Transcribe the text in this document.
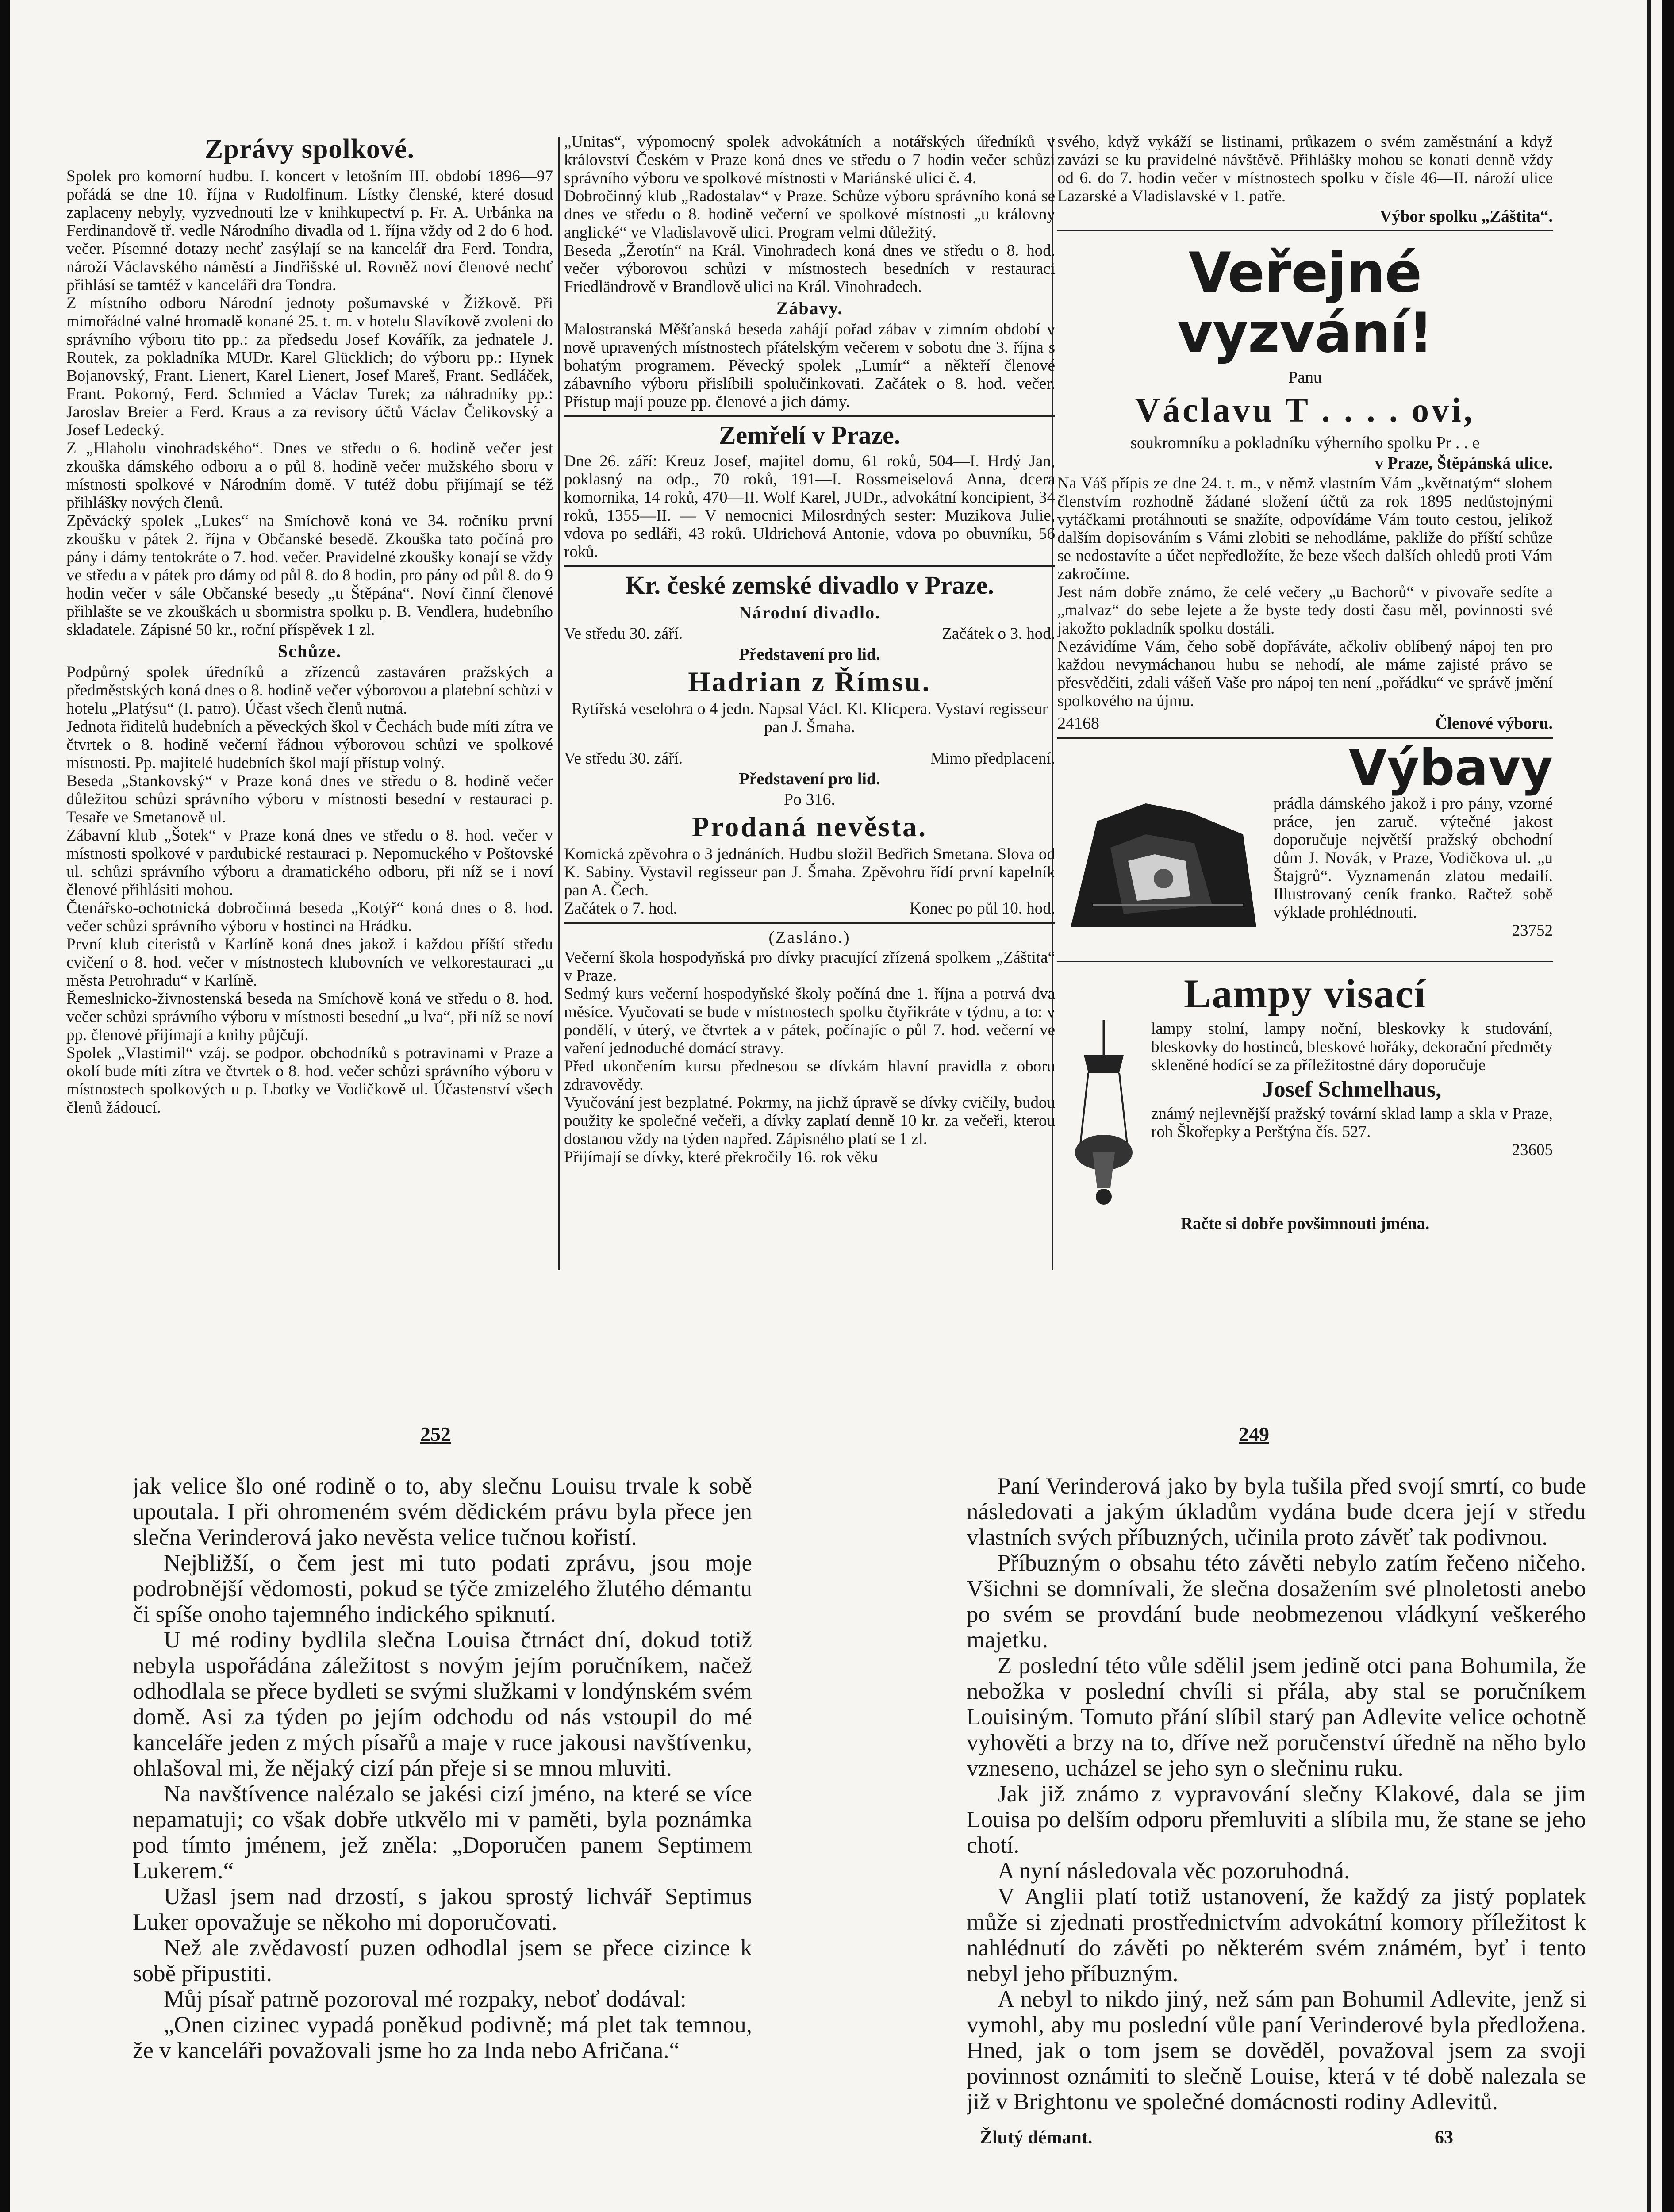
Zprávy spolkové.

Spolek pro komorní hudbu. I. koncert v letošním III. období 1896—97 pořádá se dne 10. října v Rudolfinum. Lístky členské, které dosud zaplaceny nebyly, vyzvednouti lze v knihkupectví p. Fr. A. Urbánka na Ferdinandově tř. vedle Národního divadla od 1. října vždy od 2 do 6 hod. večer. Písemné dotazy nechť zasýlají se na kancelář dra Ferd. Tondra, nároží Václavského náměstí a Jindřišské ul. Rovněž noví členové nechť přihlásí se tamtéž v kanceláři dra Tondra.

Z místního odboru Národní jednoty pošumavské v Žižkově. Při mimořádné valné hromadě konané 25. t. m. v hotelu Slavíkově zvoleni do správního výboru tito pp.: za předsedu Josef Kovářík, za jednatele J. Routek, za pokladníka MUDr. Karel Glücklich; do výboru pp.: Hynek Bojanovský, Frant. Lienert, Karel Lienert, Josef Mareš, Frant. Sedláček, Frant. Pokorný, Ferd. Schmied a Václav Turek; za náhradníky pp.: Jaroslav Breier a Ferd. Kraus a za revisory účtů Václav Čelikovský a Josef Ledecký.

Z „Hlaholu vinohradského“. Dnes ve středu o 6. hodině večer jest zkouška dámského odboru a o půl 8. hodině večer mužského sboru v místnosti spolkové v Národním domě. V tutéž dobu přijímají se též přihlášky nových členů.

Zpěvácký spolek „Lukes“ na Smíchově koná ve 34. ročníku první zkoušku v pátek 2. října v Občanské besedě. Zkouška tato počíná pro pány i dámy tentokráte o 7. hod. večer. Pravidelné zkoušky konají se vždy ve středu a v pátek pro dámy od půl 8. do 8 hodin, pro pány od půl 8. do 9 hodin večer v sále Občanské besedy „u Štěpána“. Noví činní členové přihlašte se ve zkouškách u sbormistra spolku p. B. Vendlera, hudebního skladatele. Zápisné 50 kr., roční příspěvek 1 zl.

Schůze.

Podpůrný spolek úředníků a zřízenců zastaváren pražských a předměstských koná dnes o 8. hodině večer výborovou a platební schůzi v hotelu „Platýsu“ (I. patro). Účast všech členů nutná.

Jednota řiditelů hudebních a pěveckých škol v Čechách bude míti zítra ve čtvrtek o 8. hodině večerní řádnou výborovou schůzi ve spolkové místnosti. Pp. majitelé hudebních škol mají přístup volný.

Beseda „Stankovský“ v Praze koná dnes ve středu o 8. hodině večer důležitou schůzi správního výboru v místnosti besední v restauraci p. Tesaře ve Smetanově ul.

Zábavní klub „Šotek“ v Praze koná dnes ve středu o 8. hod. večer v místnosti spolkové v pardubické restauraci p. Nepomuckého v Poštovské ul. schůzi správního výboru a dramatického odboru, při níž se i noví členové přihlásiti mohou.

Čtenářsko-ochotnická dobročinná beseda „Kotýř“ koná dnes o 8. hod. večer schůzi správního výboru v hostinci na Hrádku.

První klub citeristů v Karlíně koná dnes jakož i každou příští středu cvičení o 8. hod. večer v místnostech klubovních ve velkorestauraci „u města Petrohradu“ v Karlíně.

Řemeslnicko-živnostenská beseda na Smíchově koná ve středu o 8. hod. večer schůzi správního výboru v místnosti besední „u lva“, při níž se noví pp. členové přijímají a knihy půjčují.

Spolek „Vlastimil“ vzáj. se podpor. obchodníků s potravinami v Praze a okolí bude míti zítra ve čtvrtek o 8. hod. večer schůzi správního výboru v místnostech spolkových u p. Lbotky ve Vodičkově ul. Účastenství všech členů žádoucí.

„Unitas“, výpomocný spolek advokátních a notářských úředníků v království Českém v Praze koná dnes ve středu o 7 hodin večer schůzi správního výboru ve spolkové místnosti v Mariánské ulici č. 4.

Dobročinný klub „Radostalav“ v Praze. Schůze výboru správního koná se dnes ve středu o 8. hodině večerní ve spolkové místnosti „u královny anglické“ ve Vladislavově ulici. Program velmi důležitý.

Beseda „Žerotín“ na Král. Vinohradech koná dnes ve středu o 8. hod. večer výborovou schůzi v místnostech besedních v restauraci Friedländrově v Brandlově ulici na Král. Vinohradech.

Zábavy.

Malostranská Měšťanská beseda zahájí pořad zábav v zimním období v nově upravených místnostech přátelským večerem v sobotu dne 3. října s bohatým programem. Pěvecký spolek „Lumír“ a někteří členové zábavního výboru přislíbili spolučinkovati. Začátek o 8. hod. večer. Přístup mají pouze pp. členové a jich dámy.

Zemřelí v Praze.

Dne 26. září: Kreuz Josef, majitel domu, 61 roků, 504—I. Hrdý Jan, poklasný na odp., 70 roků, 191—I. Rossmeiselová Anna, dcera komornika, 14 roků, 470—II. Wolf Karel, JUDr., advokátní koncipient, 34 roků, 1355—II. — V nemocnici Milosrdných sester: Muzikova Julie, vdova po sedláři, 43 roků. Uldrichová Antonie, vdova po obuvníku, 56 roků.

Kr. české zemské divadlo v Praze.
Národní divadlo.
Ve středu 30. září.	Začátek o 3. hod.
Představení pro lid.
Hadrian z Římsu.

Rytířská veselohra o 4 jedn. Napsal Václ. Kl. Klicpera. Vystaví regisseur pan J. Šmaha.

Ve středu 30. září.	Mimo předplacení.
Představení pro lid.
Po 316.
Prodaná nevěsta.

Komická zpěvohra o 3 jednáních. Hudbu složil Bedřich Smetana. Slova od K. Sabiny. Vystavil regisseur pan J. Šmaha. Zpěvohru řídí první kapelník pan A. Čech.

Začátek o 7. hod.	Konec po půl 10. hod.
(Zasláno.)

Večerní škola hospodyňská pro dívky pracující zřízená spolkem „Záštita“ v Praze.

Sedmý kurs večerní hospodyňské školy počíná dne 1. října a potrvá dva měsíce. Vyučovati se bude v místnostech spolku čtyřikráte v týdnu, a to: v pondělí, v úterý, ve čtvrtek a v pátek, počínajíc o půl 7. hod. večerní ve vaření jednoduché domácí stravy.

Před ukončením kursu přednesou se dívkám hlavní pravidla z oboru zdravovědy.

Vyučování jest bezplatné. Pokrmy, na jichž úpravě se dívky cvičily, budou použity ke společné večeři, a dívky zaplatí denně 10 kr. za večeři, kterou dostanou vždy na týden napřed. Zápisného platí se 1 zl.

Přijímají se dívky, které překročily 16. rok věku

svého, když vykáží se listinami, průkazem o svém zaměstnání a když zavázi se ku pravidelné návštěvě. Přihlášky mohou se konati denně vždy od 6. do 7. hodin večer v místnostech spolku v čísle 46—II. nároží ulice Lazarské a Vladislavské v 1. patře.

Výbor spolku „Záštita“.
Veřejné vyzvání!
Panu
Václavu T . . . . ovi,
soukromníku a pokladníku výherního spolku Pr . . e
v Praze, Štěpánská ulice.

Na Váš přípis ze dne 24. t. m., v němž vlastním Vám „květnatým“ slohem členstvím rozhodně žádané složení účtů za rok 1895 nedůstojnými vytáčkami protáhnouti se snažíte, odpovídáme Vám touto cestou, jelikož dalším dopisováním s Vámi zlobiti se nehodláme, pakliže do příští schůze se nedostavíte a účet nepředložíte, že beze všech dalších ohledů proti Vám zakročíme.

Jest nám dobře známo, že celé večery „u Bachorů“ v pivovaře sedíte a „malvaz“ do sebe lejete a že byste tedy dosti času měl, povinnosti své jakožto pokladník spolku dostáli.

Nezávidíme Vám, čeho sobě dopřáváte, ačkoliv oblíbený nápoj ten pro každou nevymáchanou hubu se nehodí, ale máme zajisté právo se přesvědčiti, zdali vášeň Vaše pro nápoj ten není „pořádku“ ve správě jmění spolkového na újmu.

24168	Členové výboru.
Výbavy

prádla dámského jakož i pro pány, vzorné práce, jen zaruč. výtečné jakost doporučuje největší pražský obchodní dům J. Novák, v Praze, Vodičkova ul. „u Štajgrů“. Vyznamenán zlatou medailí. Illustrovaný ceník franko. Račtež sobě výklade prohlédnouti.

23752
Lampy visací

lampy stolní, lampy noční, bleskovky k studování, bleskovky do hostinců, bleskové hořáky, dekorační předměty skleněné hodící se za příležitostné dáry doporučuje

Josef Schmelhaus,

známý nejlevnější pražský tovární sklad lamp a skla v Praze, roh Škořepky a Perštýna čís. 527.

23605
Račte si dobře povšimnouti jména.
252	249

jak velice šlo oné rodině o to, aby slečnu Louisu trvale k sobě upoutala. I při ohromeném svém dědickém právu byla přece jen slečna Verinderová jako nevěsta velice tučnou kořistí.

Nejbližší, o čem jest mi tuto podati zprávu, jsou moje podrobnější vědomosti, pokud se týče zmizelého žlutého démantu či spíše onoho tajemného indického spiknutí.

U mé rodiny bydlila slečna Louisa čtrnáct dní, dokud totiž nebyla uspořádána záležitost s novým jejím poručníkem, načež odhodlala se přece bydleti se svými služkami v londýnském svém domě. Asi za týden po jejím odchodu od nás vstoupil do mé kanceláře jeden z mých písařů a maje v ruce jakousi navštívenku, ohlašoval mi, že nějaký cizí pán přeje si se mnou mluviti.

Na navštívence nalézalo se jakési cizí jméno, na které se více nepamatuji; co však dobře utkvělo mi v paměti, byla poznámka pod tímto jménem, jež zněla: „Doporučen panem Septimem Lukerem.“

Užasl jsem nad drzostí, s jakou sprostý lichvář Septimus Luker opovažuje se někoho mi doporučovati.

Než ale zvědavostí puzen odhodlal jsem se přece cizince k sobě připustiti.

Můj písař patrně pozoroval mé rozpaky, neboť dodával:

„Onen cizinec vypadá poněkud podivně; má plet tak temnou, že v kanceláři považovali jsme ho za Inda nebo Afričana.“

Paní Verinderová jako by byla tušila před svojí smrtí, co bude následovati a jakým úkladům vydána bude dcera její v středu vlastních svých příbuzných, učinila proto závěť tak podivnou.

Příbuzným o obsahu této závěti nebylo zatím řečeno ničeho. Všichni se domnívali, že slečna dosažením své plnoletosti anebo po svém se provdání bude neobmezenou vládkyní veškerého majetku.

Z poslední této vůle sdělil jsem jedině otci pana Bohumila, že nebožka v poslední chvíli si přála, aby stal se poručníkem Louisiným. Tomuto přání slíbil starý pan Adlevite velice ochotně vyhověti a brzy na to, dříve než poručenství úředně na něho bylo vzneseno, ucházel se jeho syn o slečninu ruku.

Jak již známo z vypravování slečny Klakové, dala se jim Louisa po delším odporu přemluviti a slíbila mu, že stane se jeho chotí.

A nyní následovala věc pozoruhodná.

V Anglii platí totiž ustanovení, že každý za jistý poplatek může si zjednati prostřednictvím advokátní komory příležitost k nahlédnutí do závěti po některém svém známém, byť i tento nebyl jeho příbuzným.

A nebyl to nikdo jiný, než sám pan Bohumil Adlevite, jenž si vymohl, aby mu poslední vůle paní Verinderové byla předložena. Hned, jak o tom jsem se dověděl, považoval jsem za svoji povinnost oznámiti to slečně Louise, která v té době nalezala se již v Brightonu ve společné domácnosti rodiny Adlevitů.

Žlutý démant.	63
